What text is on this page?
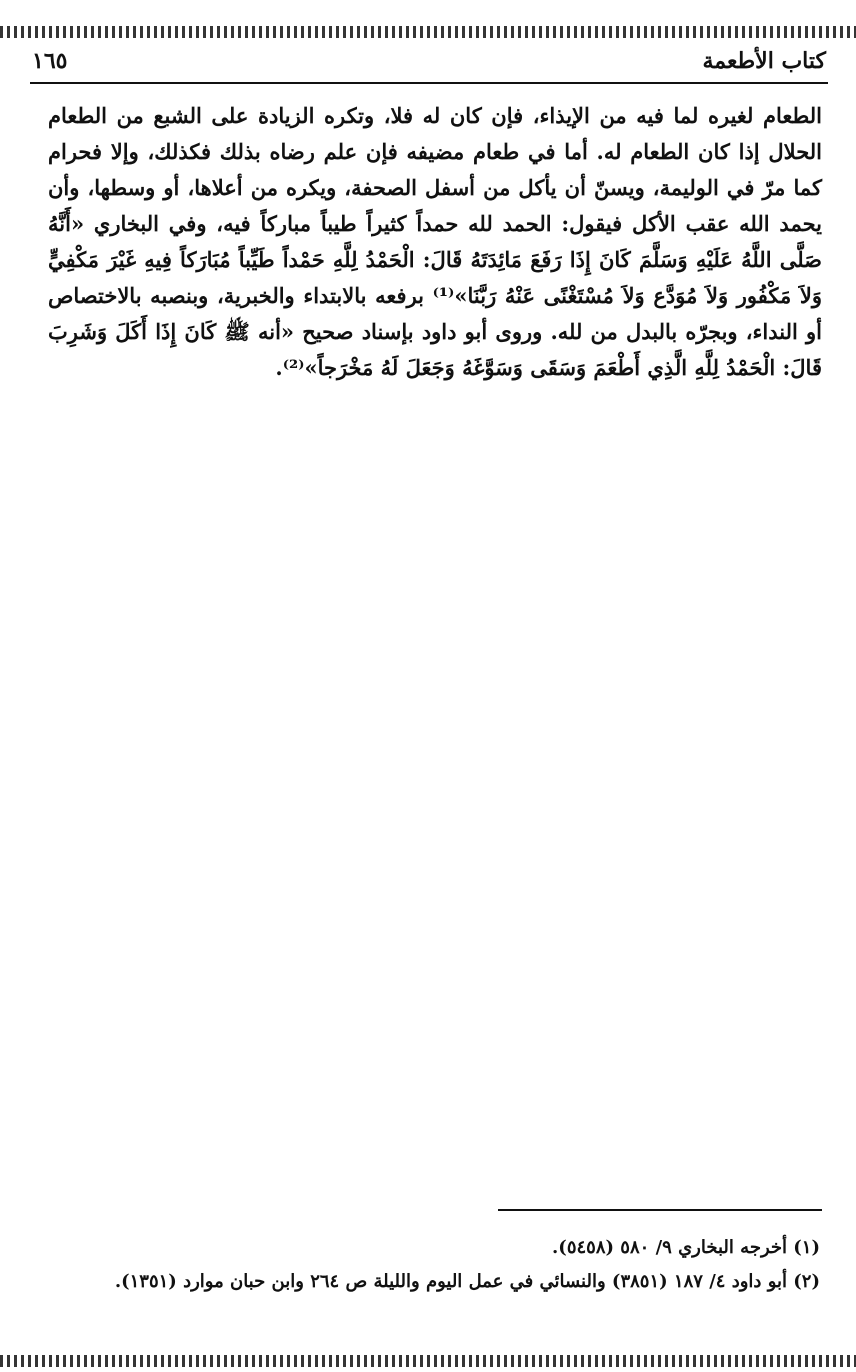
كتاب الأطعمة
١٦٥

الطعام لغيره لما فيه من الإيذاء، فإن كان له فلا، وتكره الزيادة على الشبع من الطعام الحلال إذا كان الطعام له. أما في طعام مضيفه فإن علم رضاه بذلك فكذلك، وإلا فحرام كما مرّ في الوليمة، ويسنّ أن يأكل من أسفل الصحفة، ويكره من أعلاها، أو وسطها، وأن يحمد الله عقب الأكل فيقول: الحمد لله حمداً كثيراً طيباً مباركاً فيه، وفي البخاري «أَنَّهُ صَلَّى اللَّهُ عَلَيْهِ وَسَلَّمَ كَانَ إِذَا رَفَعَ مَائِدَتَهُ قَالَ: الْحَمْدُ لِلَّهِ حَمْداً طَيِّباً مُبَارَكاً فِيهِ غَيْرَ مَكْفِيٍّ وَلاَ مَكْفُور وَلاَ مُوَدَّع وَلاَ مُسْتَغْنًى عَنْهُ رَبَّنَا»⁽¹⁾ برفعه بالابتداء والخبرية، وبنصبه بالاختصاص أو النداء، وبجرّه بالبدل من لله. وروى أبو داود بإسناد صحيح «أنه ﷺ كَانَ إِذَا أَكَلَ وَشَرِبَ قَالَ: الْحَمْدُ لِلَّهِ الَّذِي أَطْعَمَ وَسَقَى وَسَوَّغَهُ وَجَعَلَ لَهُ مَخْرَجاً»⁽²⁾.

(١) أخرجه البخاري ٩/ ٥٨٠ (٥٤٥٨).

(٢) أبو داود ٤/ ١٨٧ (٣٨٥١) والنسائي في عمل اليوم والليلة ص ٢٦٤ وابن حبان موارد (١٣٥١).
